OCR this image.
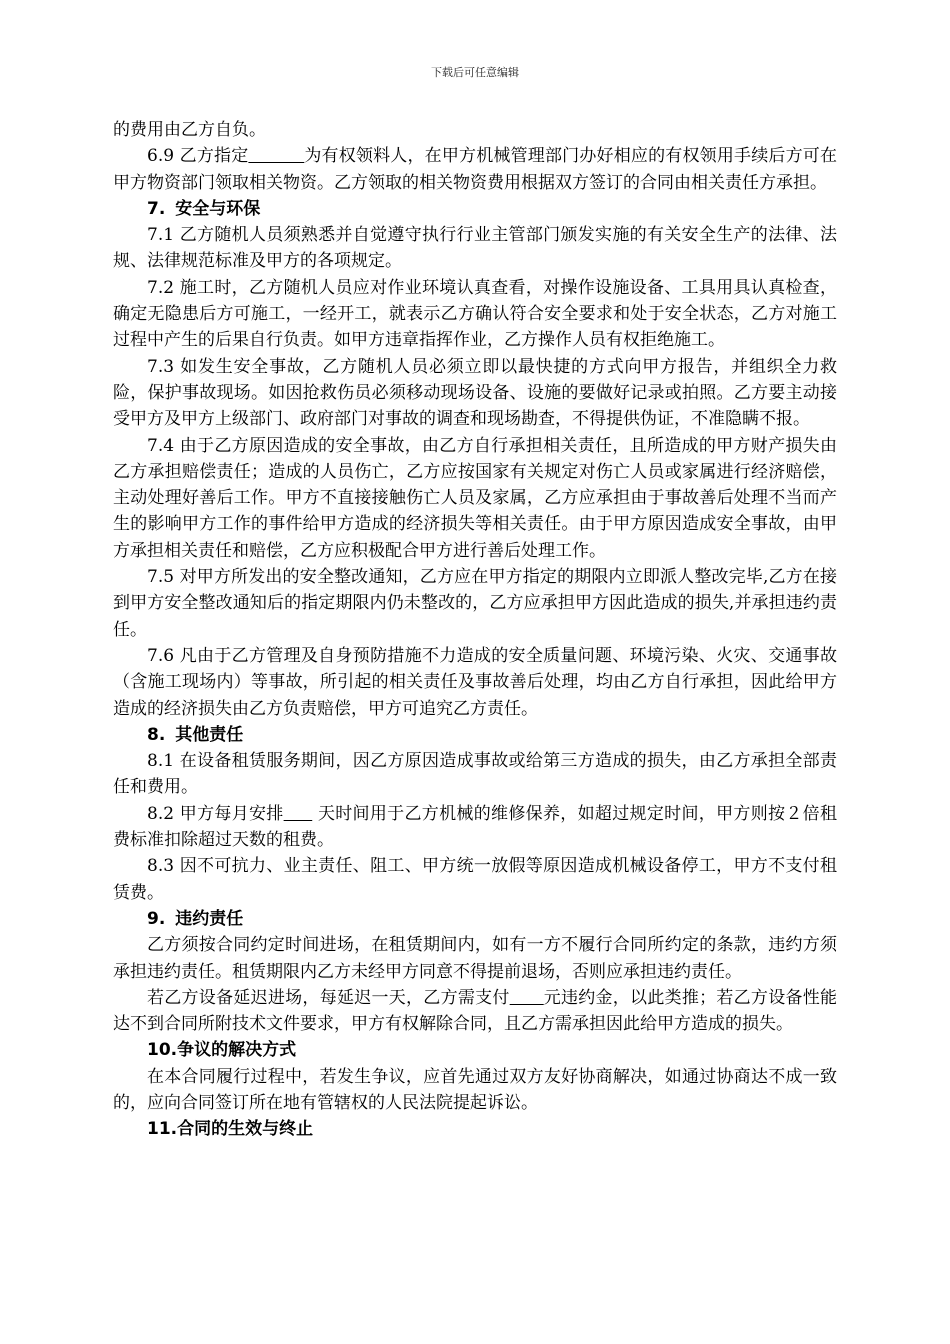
下载后可任意编辑

的费用由乙方自负。

6.9 乙方指定	为有权领料人，在甲方机械管理部门办好相应的有权领用手续后方可在甲方物资部门领取相关物资。乙方领取的相关物资费用根据双方签订的合同由相关责任方承担。

7. 安全与环保

7.1 乙方随机人员须熟悉并自觉遵守执行行业主管部门颁发实施的有关安全生产的法律、法规、法律规范标准及甲方的各项规定。

7.2 施工时，乙方随机人员应对作业环境认真查看，对操作设施设备、工具用具认真检查，确定无隐患后方可施工，一经开工，就表示乙方确认符合安全要求和处于安全状态，乙方对施工过程中产生的后果自行负责。如甲方违章指挥作业，乙方操作人员有权拒绝施工。

7.3 如发生安全事故，乙方随机人员必须立即以最快捷的方式向甲方报告，并组织全力救险，保护事故现场。如因抢救伤员必须移动现场设备、设施的要做好记录或拍照。乙方要主动接受甲方及甲方上级部门、政府部门对事故的调查和现场勘查，不得提供伪证，不准隐瞒不报。

7.4 由于乙方原因造成的安全事故，由乙方自行承担相关责任，且所造成的甲方财产损失由乙方承担赔偿责任；造成的人员伤亡，乙方应按国家有关规定对伤亡人员或家属进行经济赔偿，主动处理好善后工作。甲方不直接接触伤亡人员及家属，乙方应承担由于事故善后处理不当而产生的影响甲方工作的事件给甲方造成的经济损失等相关责任。由于甲方原因造成安全事故，由甲方承担相关责任和赔偿，乙方应积极配合甲方进行善后处理工作。

7.5 对甲方所发出的安全整改通知，乙方应在甲方指定的期限内立即派人整改完毕,乙方在接到甲方安全整改通知后的指定期限内仍未整改的，乙方应承担甲方因此造成的损失,并承担违约责任。

7.6 凡由于乙方管理及自身预防措施不力造成的安全质量问题、环境污染、火灾、交通事故（含施工现场内）等事故，所引起的相关责任及事故善后处理，均由乙方自行承担，因此给甲方造成的经济损失由乙方负责赔偿，甲方可追究乙方责任。

8. 其他责任

8.1 在设备租赁服务期间，因乙方原因造成事故或给第三方造成的损失，由乙方承担全部责任和费用。

8.2 甲方每月安排 天时间用于乙方机械的维修保养，如超过规定时间，甲方则按２倍租费标准扣除超过天数的租费。

8.3 因不可抗力、业主责任、阻工、甲方统一放假等原因造成机械设备停工，甲方不支付租赁费。

9. 违约责任

乙方须按合同约定时间进场，在租赁期间内，如有一方不履行合同所约定的条款，违约方须承担违约责任。租赁期限内乙方未经甲方同意不得提前退场，否则应承担违约责任。

若乙方设备延迟进场，每延迟一天，乙方需支付 元违约金，以此类推；若乙方设备性能达不到合同所附技术文件要求，甲方有权解除合同，且乙方需承担因此给甲方造成的损失。

10.争议的解决方式

在本合同履行过程中，若发生争议，应首先通过双方友好协商解决，如通过协商达不成一致的，应向合同签订所在地有管辖权的人民法院提起诉讼。

11.合同的生效与终止
